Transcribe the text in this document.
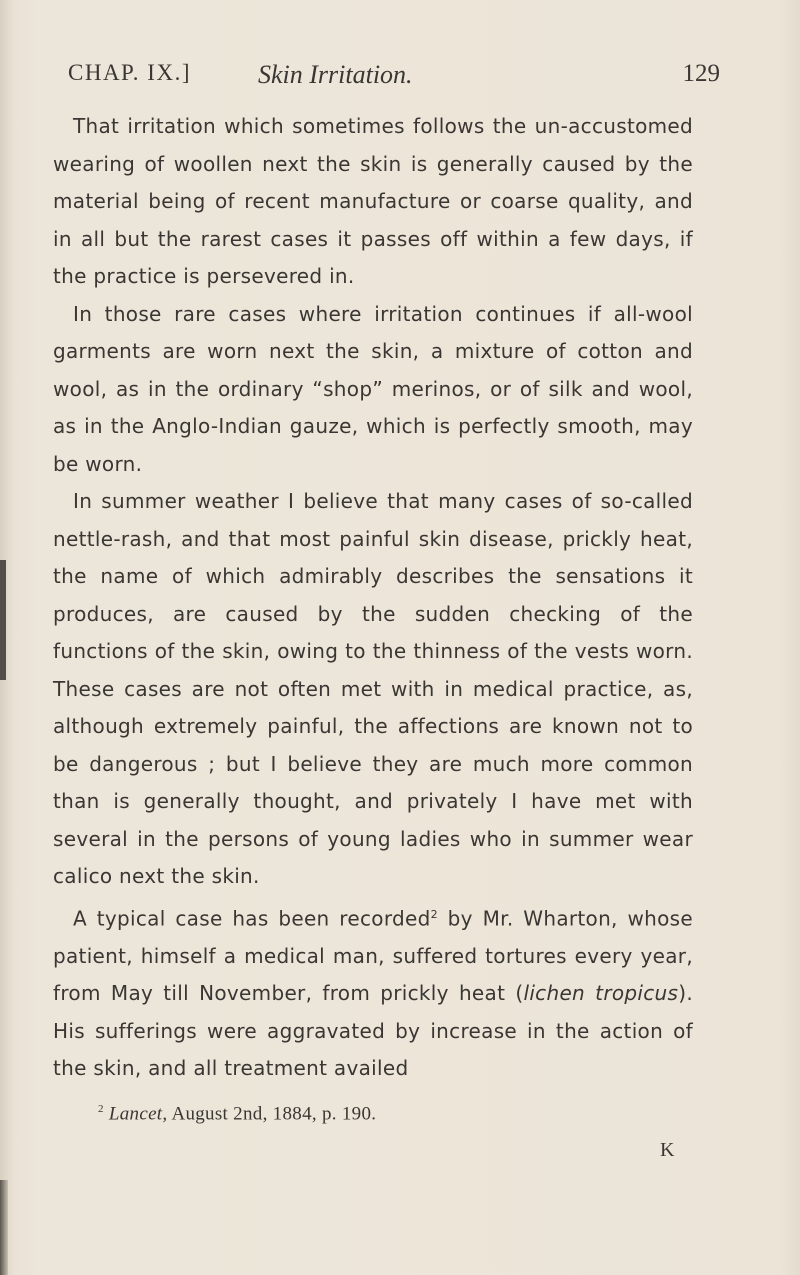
CHAP. IX.]	Skin Irritation.	129

That irritation which sometimes follows the un-accustomed wearing of woollen next the skin is generally caused by the material being of recent manufacture or coarse quality, and in all but the rarest cases it passes off within a few days, if the practice is persevered in.

In those rare cases where irritation continues if all-wool garments are worn next the skin, a mixture of cotton and wool, as in the ordinary “shop” merinos, or of silk and wool, as in the Anglo-Indian gauze, which is perfectly smooth, may be worn.

In summer weather I believe that many cases of so-called nettle-rash, and that most painful skin disease, prickly heat, the name of which admirably describes the sensations it produces, are caused by the sudden checking of the functions of the skin, owing to the thinness of the vests worn. These cases are not often met with in medical practice, as, although extremely painful, the affections are known not to be dangerous ; but I believe they are much more common than is generally thought, and privately I have met with several in the persons of young ladies who in summer wear calico next the skin.

A typical case has been recorded$^2$ by Mr. Wharton, whose patient, himself a medical man, suffered tortures every year, from May till November, from prickly heat (lichen tropicus). His sufferings were aggravated by increase in the action of the skin, and all treatment availed

$^2$ Lancet, August 2nd, 1884, p. 190.
K
